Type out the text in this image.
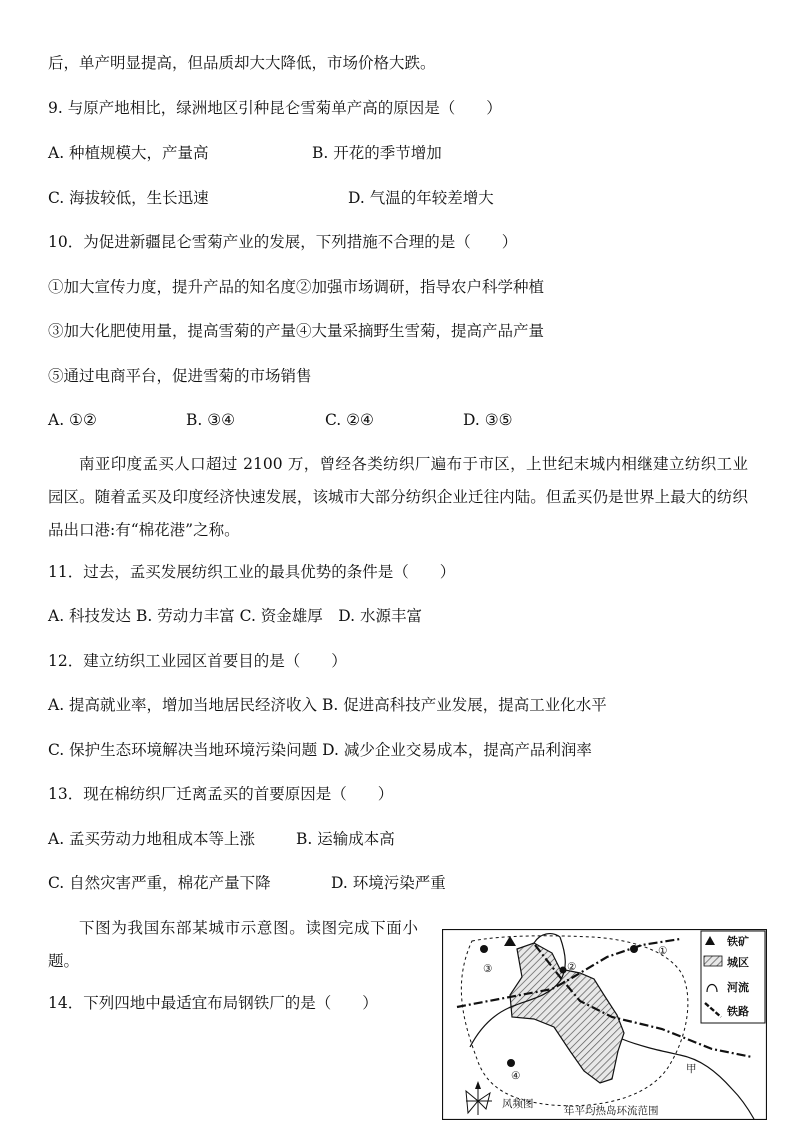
后，单产明显提高，但品质却大大降低，市场价格大跌。
9. 与原产地相比，绿洲地区引种昆仑雪菊单产高的原因是（　　）
A. 种植规模大，产量高	B. 开花的季节增加
C. 海拔较低，生长迅速	D. 气温的年较差增大
10．为促进新疆昆仑雪菊产业的发展，下列措施不合理的是（　　）
①加大宣传力度，提升产品的知名度②加强市场调研，指导农户科学种植
③加大化肥使用量，提高雪菊的产量④大量采摘野生雪菊，提高产品产量
⑤通过电商平台，促进雪菊的市场销售
A. ①②	B. ③④	C. ②④	D. ③⑤
南亚印度孟买人口超过 2100 万，曾经各类纺织厂遍布于市区，上世纪末城内相继建立纺织工业园区。随着孟买及印度经济快速发展，该城市大部分纺织企业迁往内陆。但孟买仍是世界上最大的纺织品出口港:有“棉花港”之称。
11．过去，孟买发展纺织工业的最具优势的条件是（　　）
A. 科技发达 B. 劳动力丰富 C. 资金雄厚　D. 水源丰富
12．建立纺织工业园区首要目的是（　　）
A. 提高就业率，增加当地居民经济收入 B. 促进高科技产业发展，提高工业化水平
C. 保护生态环境解决当地环境污染问题 D. 减少企业交易成本，提高产品利润率
13．现在棉纺织厂迁离孟买的首要原因是（　　）
A. 孟买劳动力地租成本等上涨	B. 运输成本高
C. 自然灾害严重，棉花产量下降	D. 环境污染严重
下图为我国东部某城市示意图。读图完成下面小题。
14．下列四地中最适宜布局钢铁厂的是（　　）
①
②
③
④
甲
铁矿
城区
河流
铁路
风频图
年平均热岛环流范围
